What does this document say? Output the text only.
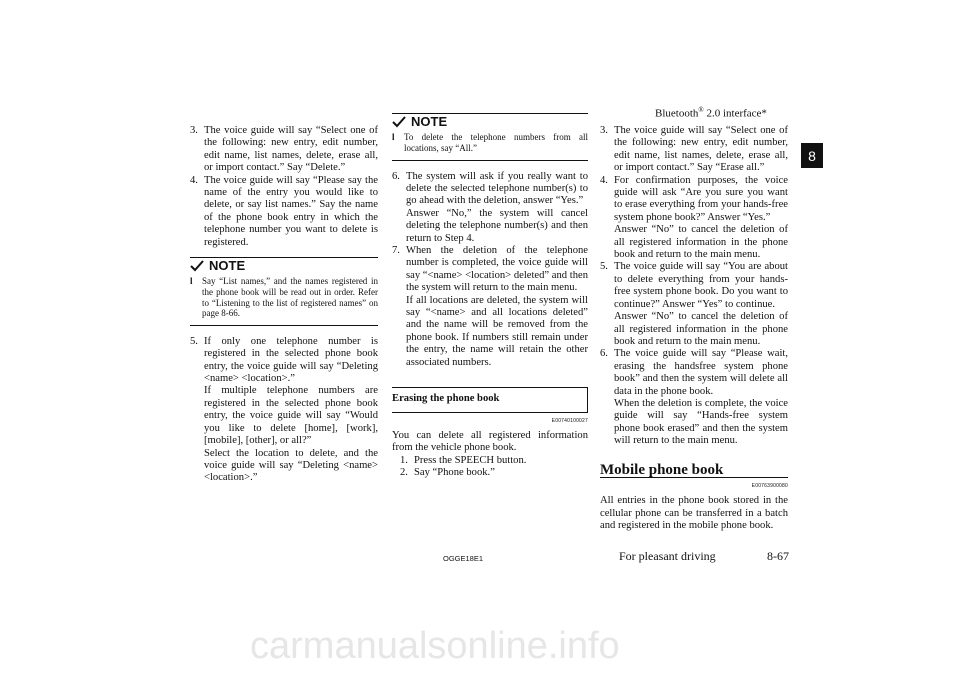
Bluetooth® 2.0 interface*
8
3. The voice guide will say “Select one of the following: new entry, edit number, edit name, list names, delete, erase all, or import contact.” Say “Delete.”
4. The voice guide will say “Please say the name of the entry you would like to delete, or say list names.” Say the name of the phone book entry in which the telephone number you want to delete is registered.
NOTE
l	Say “List names,” and the names registered in the phone book will be read out in order. Refer to “Listening to the list of registered names” on page 8-66.
5. If only one telephone number is registered in the selected phone book entry, the voice guide will say “Deleting <name> <location>.”
If multiple telephone numbers are registered in the selected phone book entry, the voice guide will say “Would you like to delete [home], [work], [mobile], [other], or all?”
Select the location to delete, and the voice guide will say “Deleting <name> <location>.”
NOTE
l	To delete the telephone numbers from all locations, say “All.”
6. The system will ask if you really want to delete the selected telephone number(s) to go ahead with the deletion, answer “Yes.”
Answer “No,” the system will cancel deleting the telephone number(s) and then return to Step 4.
7. When the deletion of the telephone number is completed, the voice guide will say “<name> <location> deleted” and then the system will return to the main menu.
If all locations are deleted, the system will say “<name> and all locations deleted” and the name will be removed from the phone book. If numbers still remain under the entry, the name will retain the other associated numbers.
Erasing the phone book
E00740100027

You can delete all registered information from the vehicle phone book.

1. Press the SPEECH button.
2. Say “Phone book.”
3. The voice guide will say “Select one of the following: new entry, edit number, edit name, list names, delete, erase all, or import contact.” Say “Erase all.”
4. For confirmation purposes, the voice guide will ask “Are you sure you want to erase everything from your hands-free system phone book?” Answer “Yes.”
Answer “No” to cancel the deletion of all registered information in the phone book and return to the main menu.
5. The voice guide will say “You are about to delete everything from your hands-free system phone book. Do you want to continue?” Answer “Yes” to continue.
Answer “No” to cancel the deletion of all registered information in the phone book and return to the main menu.
6. The voice guide will say “Please wait, erasing the handsfree system phone book” and then the system will delete all data in the phone book.
When the deletion is complete, the voice guide will say “Hands-free system phone book erased” and then the system will return to the main menu.
Mobile phone book
E00763900080

All entries in the phone book stored in the cellular phone can be transferred in a batch and registered in the mobile phone book.

OGGE18E1	For pleasant driving	8-67
carmanualsonline.info
